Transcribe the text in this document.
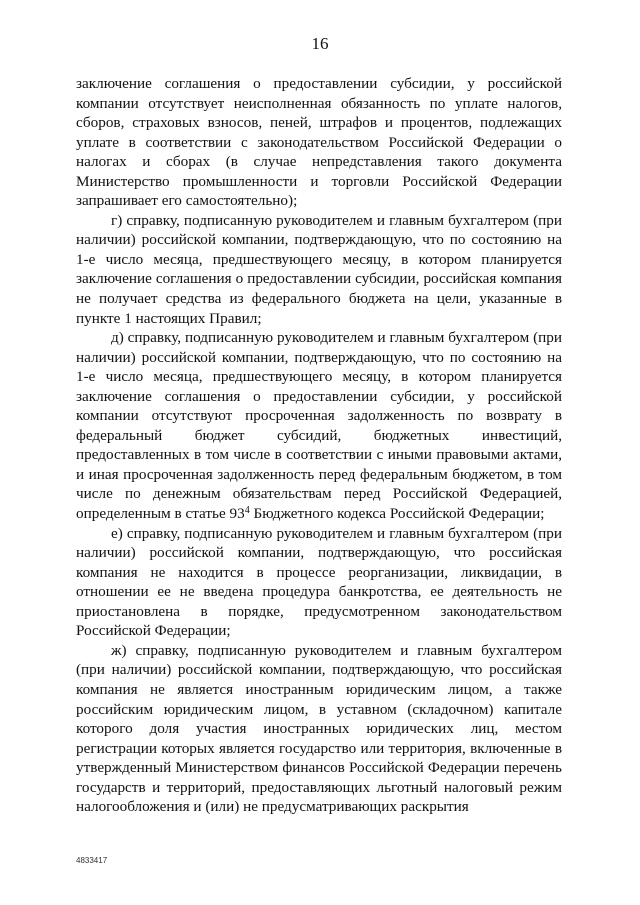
16

заключение соглашения о предоставлении субсидии, у российской компании отсутствует неисполненная обязанность по уплате налогов, сборов, страховых взносов, пеней, штрафов и процентов, подлежащих уплате в соответствии с законодательством Российской Федерации о налогах и сборах (в случае непредставления такого документа Министерство промышленности и торговли Российской Федерации запрашивает его самостоятельно);

г) справку, подписанную руководителем и главным бухгалтером (при наличии) российской компании, подтверждающую, что по состоянию на 1-е число месяца, предшествующего месяцу, в котором планируется заключение соглашения о предоставлении субсидии, российская компания не получает средства из федерального бюджета на цели, указанные в пункте 1 настоящих Правил;

д) справку, подписанную руководителем и главным бухгалтером (при наличии) российской компании, подтверждающую, что по состоянию на 1-е число месяца, предшествующего месяцу, в котором планируется заключение соглашения о предоставлении субсидии, у российской компании отсутствуют просроченная задолженность по возврату в федеральный бюджет субсидий, бюджетных инвестиций, предоставленных в том числе в соответствии с иными правовыми актами, и иная просроченная задолженность перед федеральным бюджетом, в том числе по денежным обязательствам перед Российской Федерацией, определенным в статье $93^4$ Бюджетного кодекса Российской Федерации;

е) справку, подписанную руководителем и главным бухгалтером (при наличии) российской компании, подтверждающую, что российская компания не находится в процессе реорганизации, ликвидации, в отношении ее не введена процедура банкротства, ее деятельность не приостановлена в порядке, предусмотренном законодательством Российской Федерации;

ж) справку, подписанную руководителем и главным бухгалтером (при наличии) российской компании, подтверждающую, что российская компания не является иностранным юридическим лицом, а также российским юридическим лицом, в уставном (складочном) капитале которого доля участия иностранных юридических лиц, местом регистрации которых является государство или территория, включенные в утвержденный Министерством финансов Российской Федерации перечень государств и территорий, предоставляющих льготный налоговый режим налогообложения и (или) не предусматривающих раскрытия

4833417
